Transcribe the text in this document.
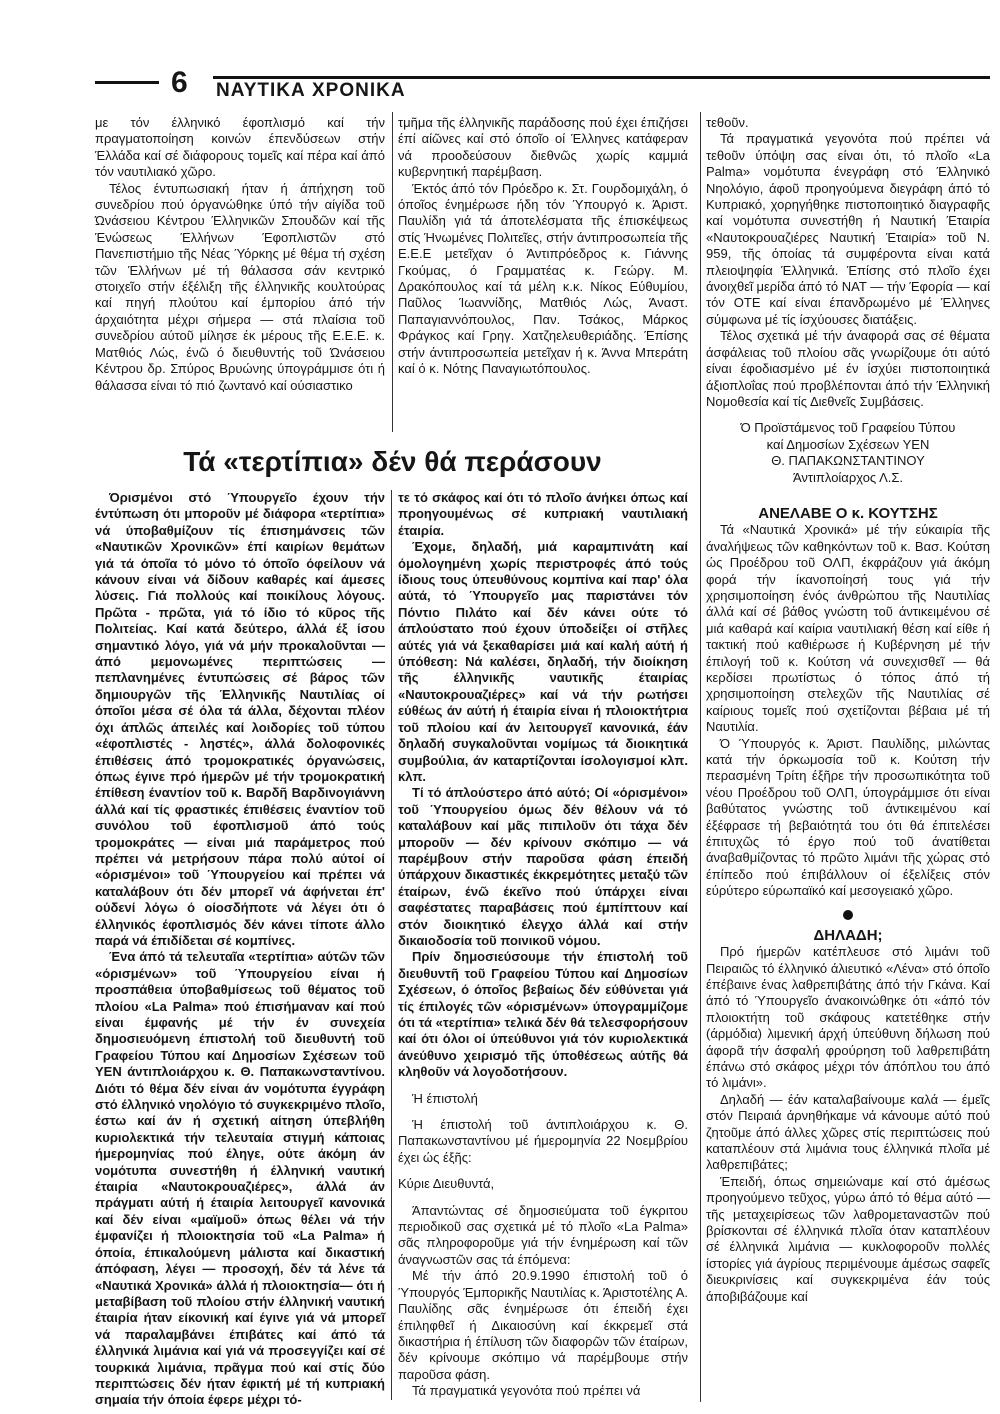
6 ΝΑΥΤΙΚΑ ΧΡΟΝΙΚΑ

με τόν έλληνικό έφοπλισμό καί τήν πραγματοποίηση κοινών έπενδύσεων στήν Έλλάδα καί σέ διάφορους τομεῖς καί πέρα καί άπό τόν ναυτιλιακό χῶρο.

Τέλος έντυπωσιακή ήταν ή άπήχηση τοῦ συνεδρίου πού όργανώθηκε ύπό τήν αίγίδα τοῦ Ώνάσειου Κέντρου Έλληνικῶν Σπουδῶν καί τῆς Ένώσεως Έλλήνων Έφοπλιστῶν στό Πανεπιστήμιο τῆς Νέας Ύόρκης μέ θέμα τή σχέση τῶν Έλλήνων μέ τή θάλασσα σάν κεντρικό στοιχεῖο στήν έξέλιξη τῆς έλληνικῆς κουλτούρας καί πηγή πλούτου καί έμπορίου άπό τήν άρχαιότητα μέχρι σήμερα — στά πλαίσια τοῦ συνεδρίου αύτοῦ μίλησε έκ μέρους τῆς Ε.Ε.Ε. κ. Ματθιός Λώς, ένῶ ό διευθυντής τοῦ Ώνάσειου Κέντρου δρ. Σπύρος Βρυώνης ύπογράμμισε ότι ή θάλασσα είναι τό πιό ζωντανό καί ούσιαστικο

τμῆμα τῆς έλληνικῆς παράδοσης πού έχει έπιζήσει έπί αίῶνες καί στό όποῖο οί Έλληνες κατάφεραν νά προοδεύσουν διεθνῶς χωρίς καμμιά κυβερνητική παρέμβαση.

Έκτός άπό τόν Πρόεδρο κ. Στ. Γουρδομιχάλη, ό όποῖος ένημέρωσε ήδη τόν Ύπουργό κ. Άριστ. Παυλίδη γιά τά άποτελέσματα τῆς έπισκέψεως στίς Ήνωμένες Πολιτεῖες, στήν άντιπροσωπεία τῆς Ε.Ε.Ε μετεῖχαν ό Άντιπρόεδρος κ. Γιάννης Γκούμας, ό Γραμματέας κ. Γεώργ. Μ. Δρακόπουλος καί τά μέλη κ.κ. Νίκος Εύθυμίου, Παῦλος Ίωαννίδης, Ματθιός Λώς, Άναστ. Παπαγιαννόπουλος, Παν. Τσάκος, Μάρκος Φράγκος καί Γρηγ. Χατζηελευθεριάδης. Έπίσης στήν άντιπροσωπεία μετεῖχαν ή κ. Άννα Μπεράτη καί ό κ. Νότης Παναγιωτόπουλος.

Τά «τερτίπια» δέν θά περάσουν

Όρισμένοι στό Ύπουργεῖο έχουν τήν έντύπωση ότι μποροῦν μέ διάφορα «τερτίπια» νά ύποβαθμίζουν τίς έπισημάνσεις τῶν «Ναυτικῶν Χρονικῶν» έπί καιρίων θεμάτων γιά τά όποῖα τό μόνο τό όποῖο όφείλουν νά κάνουν είναι νά δίδουν καθαρές καί άμεσες λύσεις. Γιά πολλούς καί ποικίλους λόγους. Πρῶτα - πρῶτα, γιά τό ίδιο τό κῦρος τῆς Πολιτείας. Καί κατά δεύτερο, άλλά έξ ίσου σημαντικό λόγο, γιά νά μήν προκαλοῦνται — άπό μεμονωμένες περιπτώσεις — πεπλανημένες έντυπώσεις σέ βάρος τῶν δημιουργῶν τῆς Έλληνικῆς Ναυτιλίας οί όποῖοι μέσα σέ όλα τά άλλα, δέχονται πλέον όχι άπλῶς άπειλές καί λοιδορίες τοῦ τύπου «έφοπλιστές - ληστές», άλλά δολοφονικές έπιθέσεις άπό τρομοκρατικές όργανώσεις, όπως έγινε πρό ήμερῶν μέ τήν τρομοκρατική έπίθεση έναντίον τοῦ κ. Βαρδῆ Βαρδινογιάννη άλλά καί τίς φραστικές έπιθέσεις έναντίον τοῦ συνόλου τοῦ έφοπλισμοῦ άπό τούς τρομοκράτες — είναι μιά παράμετρος πού πρέπει νά μετρήσουν πάρα πολύ αύτοί οί «όρισμένοι» τοῦ Ύπουργείου καί πρέπει νά καταλάβουν ότι δέν μπορεῖ νά άφήνεται έπ' ούδενί λόγω ό οίοσδήποτε νά λέγει ότι ό έλληνικός έφοπλισμός δέν κάνει τίποτε άλλο παρά νά έπιδίδεται σέ κομπίνες.

Ένα άπό τά τελευταῖα «τερτίπια» αύτῶν τῶν «όρισμένων» τοῦ Ύπουργείου είναι ή προσπάθεια ύποβαθμίσεως τοῦ θέματος τοῦ πλοίου «La Palma» πού έπισήμαναν καί πού είναι έμφανής μέ τήν έν συνεχεία δημοσιευόμενη έπιστολή τοῦ διευθυντή τοῦ Γραφείου Τύπου καί Δημοσίων Σχέσεων τοῦ ΥΕΝ άντιπλοιάρχου κ. Θ. Παπακωνσταντίνου. Διότι τό θέμα δέν είναι άν νομότυπα έγγράφη στό έλληνικό νηολόγιο τό συγκεκριμένο πλοῖο, έστω καί άν ή σχετική αίτηση ύπεβλήθη κυριολεκτικά τήν τελευταία στιγμή κάποιας ήμερομηνίας πού έληγε, ούτε άκόμη άν νομότυπα συνεστήθη ή έλληνική ναυτική έταιρία «Ναυτοκρουαζιέρες», άλλά άν πράγματι αύτή ή έταιρία λειτουργεῖ κανονικά καί δέν είναι «μαϊμοῦ» όπως θέλει νά τήν έμφανίζει ή πλοιοκτησία τοῦ «La Palma» ή όποία, έπικαλούμενη μάλιστα καί δικαστική άπόφαση, λέγει — προσοχή, δέν τά λένε τά «Ναυτικά Χρονικά» άλλά ή πλοιοκτησία— ότι ή μεταβίβαση τοῦ πλοίου στήν έλληνική ναυτική έταιρία ήταν είκονική καί έγινε γιά νά μπορεῖ νά παραλαμβάνει έπιβάτες καί άπό τά έλληνικά λιμάνια καί γιά νά προσεγγίζει καί σέ τουρκικά λιμάνια, πρᾶγμα πού καί στίς δύο περιπτώσεις δέν ήταν έφικτή μέ τή κυπριακή σημαία τήν όποία έφερε μέχρι τό-

τε τό σκάφος καί ότι τό πλοῖο άνήκει όπως καί προηγουμένως σέ κυπριακή ναυτιλιακή έταιρία.

Έχομε, δηλαδή, μιά καραμπινάτη καί όμολογημένη χωρίς περιστροφές άπό τούς ίδιους τους ύπευθύνους κομπίνα καί παρ' όλα αύτά, τό Ύπουργεῖο μας παριστάνει τόν Πόντιο Πιλάτο καί δέν κάνει ούτε τό άπλούστατο πού έχουν ύποδείξει οί στῆλες αύτές γιά νά ξεκαθαρίσει μιά καί καλή αύτή ή ύπόθεση: Νά καλέσει, δηλαδή, τήν διοίκηση τῆς έλληνικῆς ναυτικῆς έταιρίας «Ναυτοκρουαζιέρες» καί νά τήν ρωτήσει εύθέως άν αύτή ή έταιρία είναι ή πλοιοκτήτρια τοῦ πλοίου καί άν λειτουργεῖ κανονικά, έάν δηλαδή συγκαλοῦνται νομίμως τά διοικητικά συμβούλια, άν καταρτίζονται ίσολογισμοί κλπ. κλπ.

Τί τό άπλούστερο άπό αύτό; Οί «όρισμένοι» τοῦ Ύπουργείου όμως δέν θέλουν νά τό καταλάβουν καί μᾶς πιπιλοῦν ότι τάχα δέν μποροῦν — δέν κρίνουν σκόπιμο — νά παρέμβουν στήν παροῦσα φάση έπειδή ύπάρχουν δικαστικές έκκρεμότητες μεταξύ τῶν έταίρων, ένῶ έκεῖνο πού ύπάρχει είναι σαφέστατες παραβάσεις πού έμπίπτουν καί στόν διοικητικό έλεγχο άλλά καί στήν δικαιοδοσία τοῦ ποινικοῦ νόμου.

Πρίν δημοσιεύσουμε τήν έπιστολή τοῦ διευθυντῆ τοῦ Γραφείου Τύπου καί Δημοσίων Σχέσεων, ό όποῖος βεβαίως δέν εύθύνεται γιά τίς έπιλογές τῶν «όρισμένων» ύπογραμμίζομε ότι τά «τερτίπια» τελικά δέν θά τελεσφορήσουν καί ότι όλοι οί ύπεύθυνοι γιά τόν κυριολεκτικά άνεύθυνο χειρισμό τῆς ύποθέσεως αύτῆς θά κληθοῦν νά λογοδοτήσουν.

Ή έπιστολή

Ή έπιστολή τοῦ άντιπλοιάρχου κ. Θ. Παπακωνσταντίνου μέ ήμερομηνία 22 Νοεμβρίου έχει ώς έξῆς:

Κύριε Διευθυντά,

Άπαντώντας σέ δημοσιεύματα τοῦ έγκριτου περιοδικοῦ σας σχετικά μέ τό πλοῖο «La Palma» σᾶς πληροφοροῦμε γιά τήν ένημέρωση καί τῶν άναγνωστῶν σας τά έπόμενα:

Μέ τήν άπό 20.9.1990 έπιστολή τοῦ ό Ύπουργός Έμπορικῆς Ναυτιλίας κ. Άριστοτέλης Α. Παυλίδης σᾶς ένημέρωσε ότι έπειδή έχει έπιληφθεῖ ή Δικαιοσύνη καί έκκρεμεῖ στά δικαστήρια ή έπίλυση τῶν διαφορῶν τῶν έταίρων, δέν κρίνουμε σκόπιμο νά παρέμβουμε στήν παροῦσα φάση.

Τά πραγματικά γεγονότα πού πρέπει νά

τεθοῦν.

Τά πραγματικά γεγονότα πού πρέπει νά τεθοῦν ύπόψη σας είναι ότι, τό πλοῖο «La Palma» νομότυπα ένεγράφη στό Έλληνικό Νηολόγιο, άφοῦ προηγούμενα διεγράφη άπό τό Κυπριακό, χορηγήθηκε πιστοποιητικό διαγραφῆς καί νομότυπα συνεστήθη ή Ναυτική Έταιρία «Ναυτοκρουαζιέρες Ναυτική Έταιρία» τοῦ Ν. 959, τῆς όποίας τά συμφέροντα είναι κατά πλειοψηφία Έλληνικά. Έπίσης στό πλοῖο έχει άνοιχθεῖ μερίδα άπό τό ΝΑΤ — τήν Έφορία — καί τόν ΟΤΕ καί είναι έπανδρωμένο μέ Έλληνες σύμφωνα μέ τίς ίσχύουσες διατάξεις.

Τέλος σχετικά μέ τήν άναφορά σας σέ θέματα άσφάλειας τοῦ πλοίου σᾶς γνωρίζουμε ότι αύτό είναι έφοδιασμένο μέ έν ίσχύει πιστοποιητικά άξιοπλοΐας πού προβλέπονται άπό τήν Έλληνική Νομοθεσία καί τίς Διεθνεῖς Συμβάσεις.

Ό Προϊστάμενος τοῦ Γραφείου Τύπου

καί Δημοσίων Σχέσεων ΥΕΝ

Θ. ΠΑΠΑΚΩΝΣΤΑΝΤΙΝΟΥ

Άντιπλοίαρχος Λ.Σ.

ΑΝΕΛΑΒΕ Ο κ. ΚΟΥΤΣΗΣ

Τά «Ναυτικά Χρονικά» μέ τήν εύκαιρία τῆς άναλήψεως τῶν καθηκόντων τοῦ κ. Βασ. Κούτση ώς Προέδρου τοῦ ΟΛΠ, έκφράζουν γιά άκόμη φορά τήν ίκανοποίησή τους γιά τήν χρησιμοποίηση ένός άνθρώπου τῆς Ναυτιλίας άλλά καί σέ βάθος γνώστη τοῦ άντικειμένου σέ μιά καθαρά καί καίρια ναυτιλιακή θέση καί είθε ή τακτική πού καθιέρωσε ή Κυβέρνηση μέ τήν έπιλογή τοῦ κ. Κούτση νά συνεχισθεῖ — θά κερδίσει πρωτίστως ό τόπος άπό τή χρησιμοποίηση στελεχῶν τῆς Ναυτιλίας σέ καίριους τομεῖς πού σχετίζονται βέβαια μέ τή Ναυτιλία.

Ό Ύπουργός κ. Άριστ. Παυλίδης, μιλώντας κατά τήν όρκωμοσία τοῦ κ. Κούτση τήν περασμένη Τρίτη έξῆρε τήν προσωπικότητα τοῦ νέου Προέδρου τοῦ ΟΛΠ, ύπογράμμισε ότι είναι βαθύτατος γνώστης τοῦ άντικειμένου καί έξέφρασε τή βεβαιότητά του ότι θά έπιτελέσει έπιτυχῶς τό έργο πού τοῦ άνατίθεται άναβαθμίζοντας τό πρῶτο λιμάνι τῆς χώρας στό έπίπεδο πού έπιβάλλουν οί έξελίξεις στόν εύρύτερο εύρωπαϊκό καί μεσογειακό χῶρο.

ΔΗΛΑΔΗ;

Πρό ήμερῶν κατέπλευσε στό λιμάνι τοῦ Πειραιῶς τό έλληνικό άλιευτικό «Λένα» στό όποῖο έπέβαινε ένας λαθρεπιβάτης άπό τήν Γκάνα. Καί άπό τό Ύπουργεῖο άνακοινώθηκε ότι «άπό τόν πλοιοκτήτη τοῦ σκάφους κατετέθηκε στήν (άρμόδια) λιμενική άρχή ύπεύθυνη δήλωση πού άφορᾶ τήν άσφαλή φρούρηση τοῦ λαθρεπιβάτη έπάνω στό σκάφος μέχρι τόν άπόπλου του άπό τό λιμάνι».

Δηλαδή — έάν καταλαβαίνουμε καλά — έμεῖς στόν Πειραιά άρνηθήκαμε νά κάνουμε αύτό πού ζητοῦμε άπό άλλες χῶρες στίς περιπτώσεις πού καταπλέουν στά λιμάνια τους έλληνικά πλοῖα μέ λαθρεπιβάτες;

Έπειδή, όπως σημειώναμε καί στό άμέσως προηγούμενο τεῦχος, γύρω άπό τό θέμα αύτό — τῆς μεταχειρίσεως τῶν λαθρομεταναστῶν πού βρίσκονται σέ έλληνικά πλοῖα όταν καταπλέουν σέ έλληνικά λιμάνια — κυκλοφοροῦν πολλές ίστορίες γιά άγρίους περιμένουμε άμέσως σαφεῖς διευκρινίσεις καί συγκεκριμένα έάν τούς άποβιβάζουμε καί
